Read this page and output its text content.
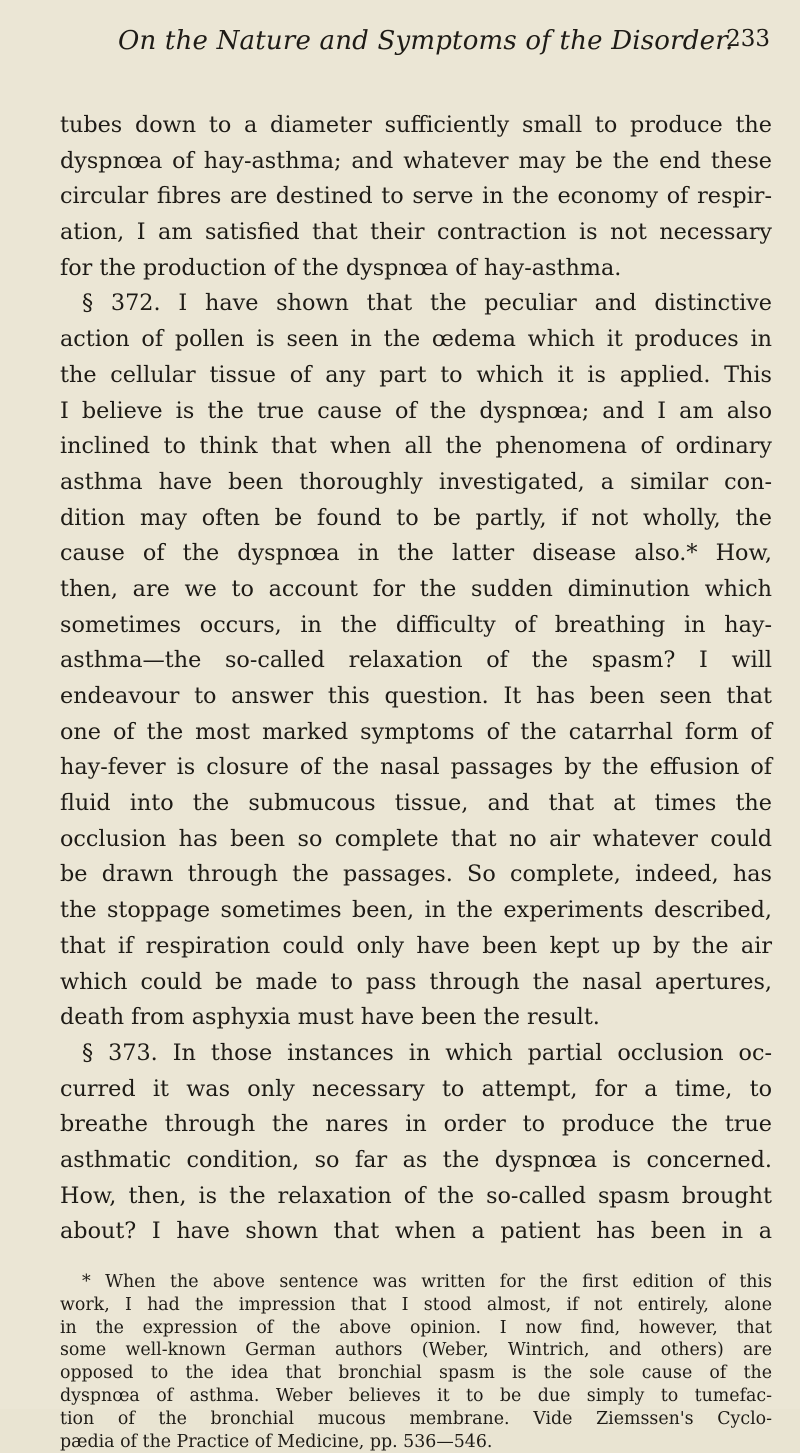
On the Nature and Symptoms of the Disorder.
233
tubes down to a diameter sufficiently small to produce the
dyspnœa of hay-asthma; and whatever may be the end these
circular fibres are destined to serve in the economy of respir-
ation, I am satisfied that their contraction is not necessary
for the production of the dyspnœa of hay-asthma.
§ 372. I have shown that the peculiar and distinctive
action of pollen is seen in the œdema which it produces in
the cellular tissue of any part to which it is applied. This
I believe is the true cause of the dyspnœa; and I am also
inclined to think that when all the phenomena of ordinary
asthma have been thoroughly investigated, a similar con-
dition may often be found to be partly, if not wholly, the
cause of the dyspnœa in the latter disease also.* How,
then, are we to account for the sudden diminution which
sometimes occurs, in the difficulty of breathing in hay-
asthma—the so-called relaxation of the spasm? I will
endeavour to answer this question. It has been seen that
one of the most marked symptoms of the catarrhal form of
hay-fever is closure of the nasal passages by the effusion of
fluid into the submucous tissue, and that at times the
occlusion has been so complete that no air whatever could
be drawn through the passages. So complete, indeed, has
the stoppage sometimes been, in the experiments described,
that if respiration could only have been kept up by the air
which could be made to pass through the nasal apertures,
death from asphyxia must have been the result.
§ 373. In those instances in which partial occlusion oc-
curred it was only necessary to attempt, for a time, to
breathe through the nares in order to produce the true
asthmatic condition, so far as the dyspnœa is concerned.
How, then, is the relaxation of the so-called spasm brought
about? I have shown that when a patient has been in a
* When the above sentence was written for the first edition of this
work, I had the impression that I stood almost, if not entirely, alone
in the expression of the above opinion. I now find, however, that
some well-known German authors (Weber, Wintrich, and others) are
opposed to the idea that bronchial spasm is the sole cause of the
dyspnœa of asthma. Weber believes it to be due simply to tumefac-
tion of the bronchial mucous membrane. Vide Ziemssen's Cyclo-
pædia of the Practice of Medicine, pp. 536—546.
